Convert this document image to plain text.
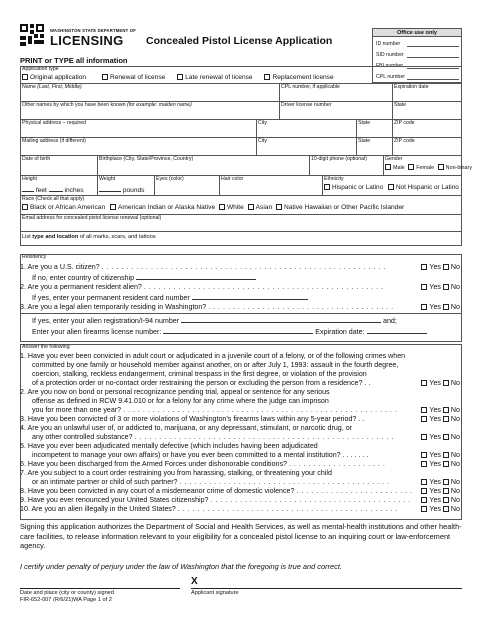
WASHINGTON STATE DEPARTMENT OF
LICENSING Concealed Pistol License Application
PRINT or TYPE all information
Office use only
ID number
SID number
FBI number
CPL number
Application type
Original application	Renewal of license	Late renewal of license	Replacement license
Name (Last, First, Middle)	CPL number, if applicable	Expiration date
Other names by which you have been known (for example: maiden name)	Driver license number	State
Physical address – required	City	State	ZIP code
Mailing address (if different)	City	State	ZIP code
Date of birth	Birthplace (City, State/Province, Country)	10-digit phone (optional)	Gender
Male Female Non-binary
Height
feet	inches
Weight
pounds
Eyes (color)	Hair color	Ethnicity
Hispanic or Latino Not Hispanic or Latino
Race (Check all that apply)
Black or African American American Indian or Alaska Native White Asian Native Hawaiian or Other Pacific Islander
Email address for concealed pistol license renewal (optional)
List type and location of all marks, scars, and tattoos
Residency
1. Are you a U.S. citizen? . . . . . . . . . . . . . . . . . . . . . . . . . . . . . . . . . . . . . . . . . . . . . . . . . . . . . . . . . .	Yes No
If no, enter country of citizenship
2. Are you a permanent resident alien? . . . . . . . . . . . . . . . . . . . . . . . . . . . . . . . . . . . . . . . . . . . . . . . . .	Yes No
If yes, enter your permanent resident card number
3. Are you a legal alien temporarily residing in Washington? . . . . . . . . . . . . . . . . . . . . . . . . . . . . . . . . . . . . . .	Yes No
If yes, enter your alien registration/I-94 number	and;
Enter your alien firearms license number:	Expiration date:
Answer the following
1. Have you ever been convicted in adult court or adjudicated in a juvenile court of a felony, or of the following crimes when
committed by one family or household member against another, on or after July 1, 1993: assault in the fourth degree,
coercion, stalking, reckless endangerment, criminal trespass in the first degree, or violation of the provision
of a protection order or no-contact order restraining the person or excluding the person from a residence? . .	Yes No
2. Are you now on bond or personal recognizance pending trial, appeal or sentence for any serious
offense as defined in RCW 9.41.010 or for a felony for any crime where the judge can imprison
you for more than one year? . . . . . . . . . . . . . . . . . . . . . . . . . . . . . . . . . . . . . . . . . . . . . . . . . . . . . . . .	Yes No
3. Have you been convicted of 3 or more violations of Washington’s firearms laws within any 5-year period? . .	Yes No
4. Are you an unlawful user of, or addicted to, marijuana, or any depressant, stimulant, or narcotic drug, or
any other controlled substance? . . . . . . . . . . . . . . . . . . . . . . . . . . . . . . . . . . . . . . . . . . . . . . . . . . . . .	Yes No
5. Have you ever been adjudicated mentally defective (which includes having been adjudicated
incompetent to manage your own affairs) or have you ever been committed to a mental institution? . . . . . . .	Yes No
6. Have you been discharged from the Armed Forces under dishonorable conditions? . . . . . . . . . . . . . . . . . . . .	Yes No
7. Are you subject to a court order restraining you from harassing, stalking, or threatening your child
or an intimate partner or child of such partner? . . . . . . . . . . . . . . . . . . . . . . . . . . . . . . . . . . . . . . . . . . .	Yes No
8. Have you been convicted in any court of a misdemeanor crime of domestic violence? . . . . . . . . . . . . . . . . . . . . . . . .	Yes No
9. Have you ever renounced your United States citizenship? . . . . . . . . . . . . . . . . . . . . . . . . . . . . . . . . . . . . . . . . .	Yes No
10. Are you an alien illegally in the United States? . . . . . . . . . . . . . . . . . . . . . . . . . . . . . . . . . . . . . . . . . . . . .	Yes No
Signing this application authorizes the Department of Social and Health Services, as well as mental-health institutions and other health-care facilities, to release information relevant to your eligibility for a concealed pistol license to an inquiring court or law-enforcement agency.
I certify under penalty of perjury under the law of Washington that the foregoing is true and correct.
X
Date and place (city or county) signed	Applicant signature
FIR-652-007 (R/6/21)WA Page 1 of 2
